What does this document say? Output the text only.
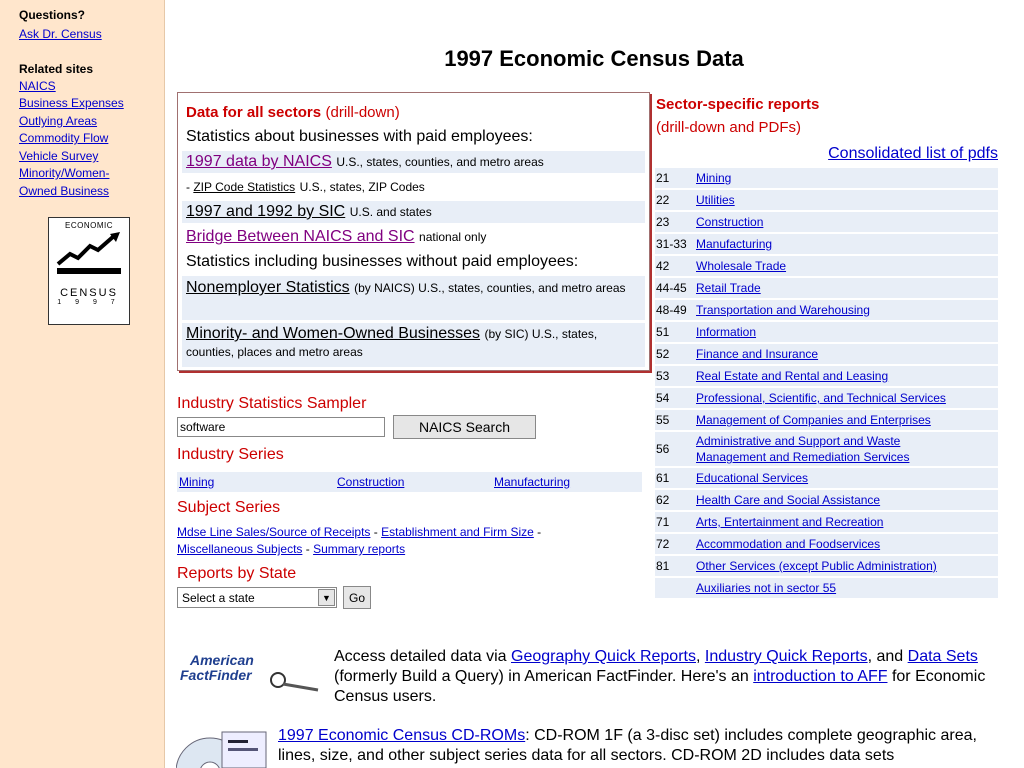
Questions?
Ask Dr. Census
Related sites
NAICS
Business Expenses
Outlying Areas
Commodity Flow
Vehicle Survey
Minority/Women-
Owned Business
ECONOMIC
CENSUS
1 9 9 7
1997 Economic Census Data
Data for all sectors (drill-down)
Statistics about businesses with paid employees:
1997 data by NAICS U.S., states, counties, and metro areas
- ZIP Code Statistics U.S., states, ZIP Codes
1997 and 1992 by SIC U.S. and states
Bridge Between NAICS and SIC national only
Statistics including businesses without paid employees:
Nonemployer Statistics (by NAICS) U.S., states, counties, and metro areas
Minority- and Women-Owned Businesses (by SIC) U.S., states, counties, places and metro areas
Industry Statistics Sampler
software
NAICS Search
Industry Series
Mining	Construction	Manufacturing
Subject Series
Mdse Line Sales/Source of Receipts - Establishment and Firm Size -
Miscellaneous Subjects - Summary reports
Reports by State
Select a state	▼	Go
Sector-specific reports
(drill-down and PDFs)
Consolidated list of pdfs
21 Mining
22 Utilities
23 Construction
31-33 Manufacturing
42 Wholesale Trade
44-45 Retail Trade
48-49 Transportation and Warehousing
51 Information
52 Finance and Insurance
53 Real Estate and Rental and Leasing
54 Professional, Scientific, and Technical Services
55 Management of Companies and Enterprises
56
Administrative and Support and Waste
Management and Remediation Services
61 Educational Services
62 Health Care and Social Assistance
71 Arts, Entertainment and Recreation
72 Accommodation and Foodservices
81 Other Services (except Public Administration)
Auxiliaries not in sector 55
American
FactFinder
Access detailed data via Geography Quick Reports, Industry Quick Reports, and Data Sets (formerly Build a Query) in American FactFinder. Here's an introduction to AFF for Economic Census users.
1997 Economic Census CD-ROMs: CD-ROM 1F (a 3-disc set) includes complete geographic area, lines, size, and other subject series data for all sectors. CD-ROM 2D includes data sets
